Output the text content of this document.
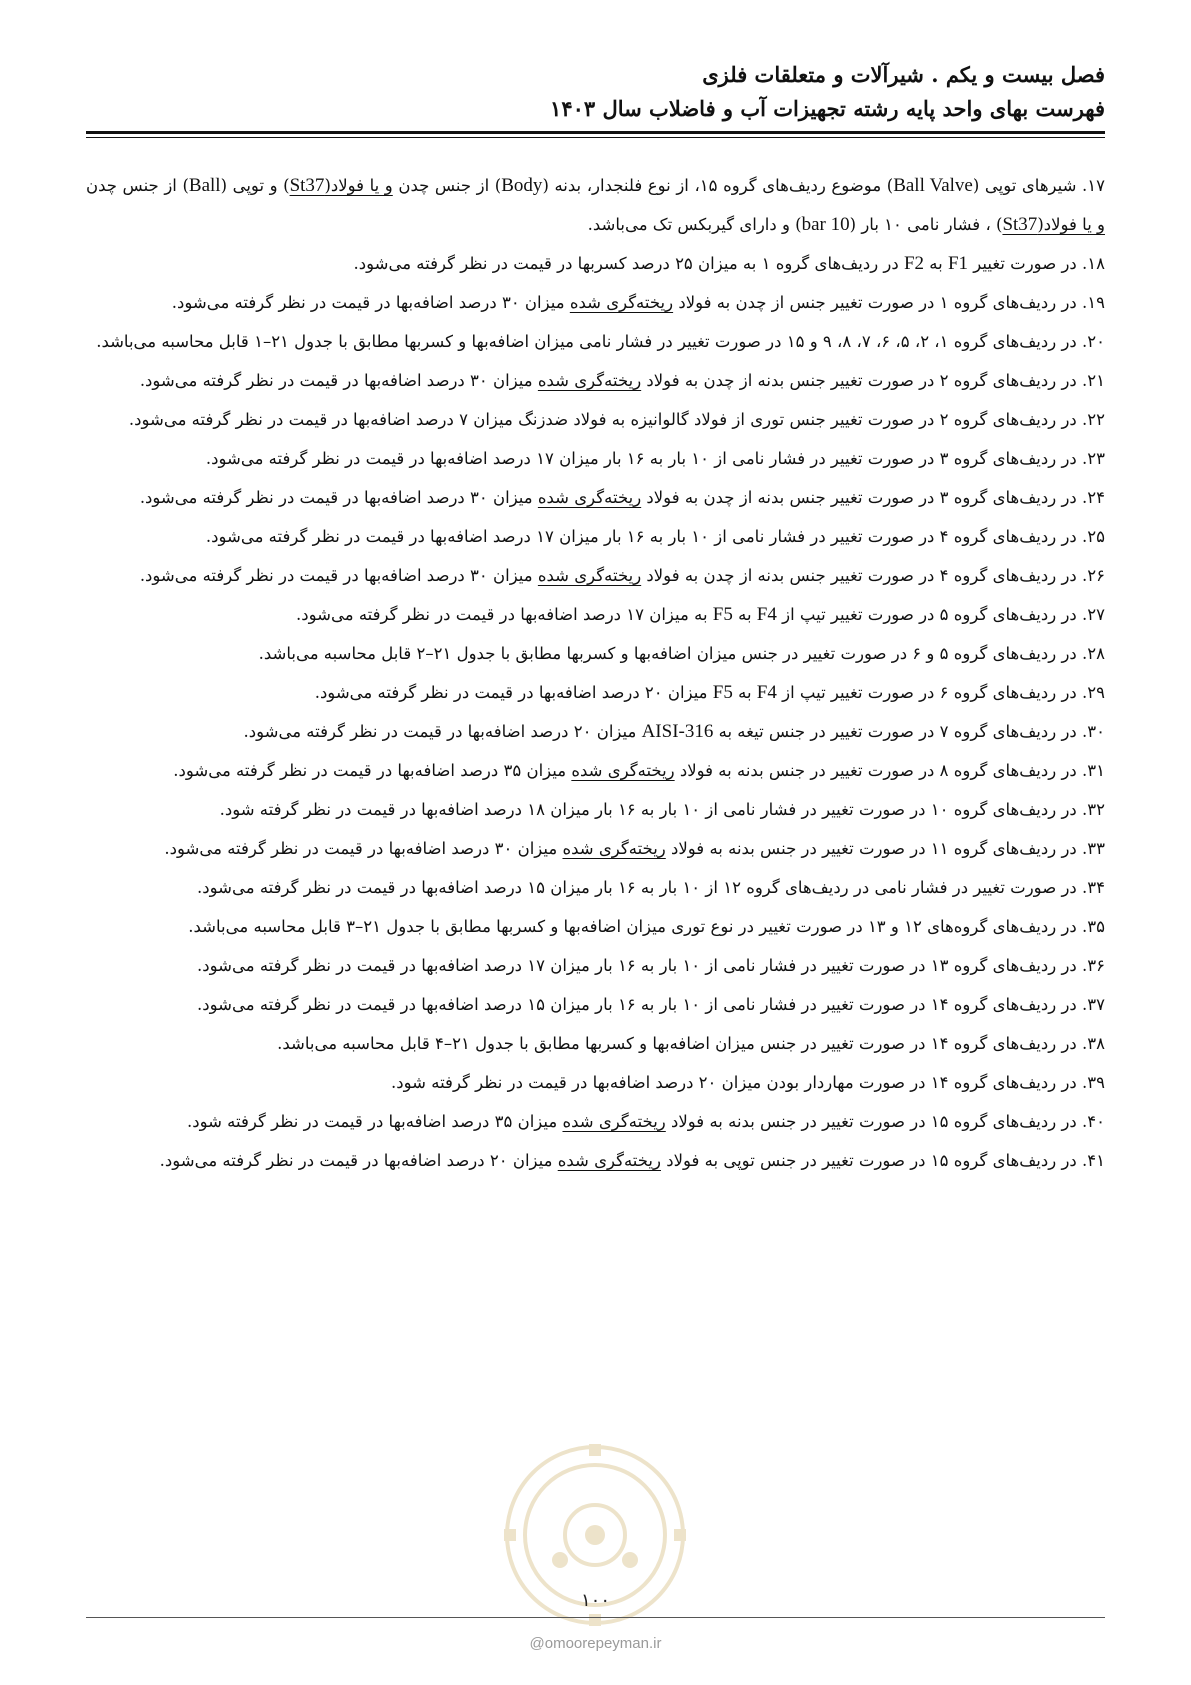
فصل بیست و یکم . شیرآلات و متعلقات فلزی
فهرست بهای واحد پایه رشته تجهیزات آب و فاضلاب سال ۱۴۰۳

۱۷. شیرهای توپی (Ball Valve) موضوع ردیف‌های گروه ۱۵، از نوع فلنجدار، بدنه (Body) از جنس چدن و یا فولاد(St37) و توپی (Ball) از جنس چدن و یا فولاد(St37) ، فشار نامی ۱۰ بار (10 bar) و دارای گیربکس تک می‌باشد.

۱۸. در صورت تغییر F1 به F2 در ردیف‌های گروه ۱ به میزان ۲۵ درصد کسربها در قیمت در نظر گرفته می‌شود.

۱۹. در ردیف‌های گروه ۱ در صورت تغییر جنس از چدن به فولاد ریخته‌گری شده میزان ۳۰ درصد اضافه‌بها در قیمت در نظر گرفته می‌شود.

۲۰. در ردیف‌های گروه ۱، ۲، ۵، ۶، ۷، ۸، ۹ و ۱۵ در صورت تغییر در فشار نامی میزان اضافه‌بها و کسربها مطابق با جدول ۲۱–۱ قابل محاسبه می‌باشد.

۲۱. در ردیف‌های گروه ۲ در صورت تغییر جنس بدنه از چدن به فولاد ریخته‌گری شده میزان ۳۰ درصد اضافه‌بها در قیمت در نظر گرفته می‌شود.

۲۲. در ردیف‌های گروه ۲ در صورت تغییر جنس توری از فولاد گالوانیزه به فولاد ضدزنگ میزان ۷ درصد اضافه‌بها در قیمت در نظر گرفته می‌شود.

۲۳. در ردیف‌های گروه ۳ در صورت تغییر در فشار نامی از ۱۰ بار به ۱۶ بار میزان ۱۷ درصد اضافه‌بها در قیمت در نظر گرفته می‌شود.

۲۴. در ردیف‌های گروه ۳ در صورت تغییر جنس بدنه از چدن به فولاد ریخته‌گری شده میزان ۳۰ درصد اضافه‌بها در قیمت در نظر گرفته می‌شود.

۲۵. در ردیف‌های گروه ۴ در صورت تغییر در فشار نامی از ۱۰ بار به ۱۶ بار میزان ۱۷ درصد اضافه‌بها در قیمت در نظر گرفته می‌شود.

۲۶. در ردیف‌های گروه ۴ در صورت تغییر جنس بدنه از چدن به فولاد ریخته‌گری شده میزان ۳۰ درصد اضافه‌بها در قیمت در نظر گرفته می‌شود.

۲۷. در ردیف‌های گروه ۵ در صورت تغییر تیپ از F4 به F5 به میزان ۱۷ درصد اضافه‌بها در قیمت در نظر گرفته می‌شود.

۲۸. در ردیف‌های گروه ۵ و ۶ در صورت تغییر در جنس میزان اضافه‌بها و کسربها مطابق با جدول ۲۱–۲ قابل محاسبه می‌باشد.

۲۹. در ردیف‌های گروه ۶ در صورت تغییر تیپ از F4 به F5 میزان ۲۰ درصد اضافه‌بها در قیمت در نظر گرفته می‌شود.

۳۰. در ردیف‌های گروه ۷ در صورت تغییر در جنس تیغه به AISI-316 میزان ۲۰ درصد اضافه‌بها در قیمت در نظر گرفته می‌شود.

۳۱. در ردیف‌های گروه ۸ در صورت تغییر در جنس بدنه به فولاد ریخته‌گری شده میزان ۳۵ درصد اضافه‌بها در قیمت در نظر گرفته می‌شود.

۳۲. در ردیف‌های گروه ۱۰ در صورت تغییر در فشار نامی از ۱۰ بار به ۱۶ بار میزان ۱۸ درصد اضافه‌بها در قیمت در نظر گرفته شود.

۳۳. در ردیف‌های گروه ۱۱ در صورت تغییر در جنس بدنه به فولاد ریخته‌گری شده میزان ۳۰ درصد اضافه‌بها در قیمت در نظر گرفته می‌شود.

۳۴. در صورت تغییر در فشار نامی در ردیف‌های گروه ۱۲ از ۱۰ بار به ۱۶ بار میزان ۱۵ درصد اضافه‌بها در قیمت در نظر گرفته می‌شود.

۳۵. در ردیف‌های گروه‌های ۱۲ و ۱۳ در صورت تغییر در نوع توری میزان اضافه‌بها و کسربها مطابق با جدول ۲۱–۳ قابل محاسبه می‌باشد.

۳۶. در ردیف‌های گروه ۱۳ در صورت تغییر در فشار نامی از ۱۰ بار به ۱۶ بار میزان ۱۷ درصد اضافه‌بها در قیمت در نظر گرفته می‌شود.

۳۷. در ردیف‌های گروه ۱۴ در صورت تغییر در فشار نامی از ۱۰ بار به ۱۶ بار میزان ۱۵ درصد اضافه‌بها در قیمت در نظر گرفته می‌شود.

۳۸. در ردیف‌های گروه ۱۴ در صورت تغییر در جنس میزان اضافه‌بها و کسربها مطابق با جدول ۲۱–۴ قابل محاسبه می‌باشد.

۳۹. در ردیف‌های گروه ۱۴ در صورت مهاردار بودن میزان ۲۰ درصد اضافه‌بها در قیمت در نظر گرفته شود.

۴۰. در ردیف‌های گروه ۱۵ در صورت تغییر در جنس بدنه به فولاد ریخته‌گری شده میزان ۳۵ درصد اضافه‌بها در قیمت در نظر گرفته شود.

۴۱. در ردیف‌های گروه ۱۵ در صورت تغییر در جنس توپی به فولاد ریخته‌گری شده میزان ۲۰ درصد اضافه‌بها در قیمت در نظر گرفته می‌شود.

۱۰۰
@omoorepeyman.ir
